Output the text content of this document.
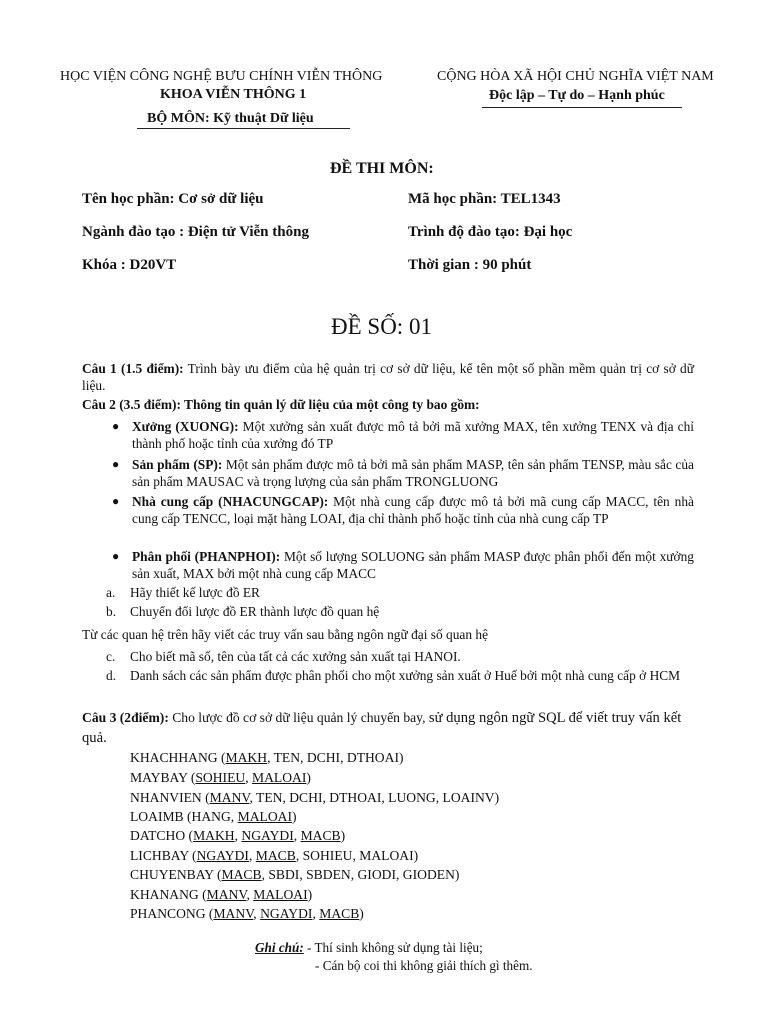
HỌC VIỆN CÔNG NGHỆ BƯU CHÍNH VIỄN THÔNG
KHOA VIỄN THÔNG 1
BỘ MÔN: Kỹ thuật Dữ liệu
CỘNG HÒA XÃ HỘI CHỦ NGHĨA VIỆT NAM
Độc lập – Tự do – Hạnh phúc
ĐỀ THI MÔN:
Tên học phần: Cơ sở dữ liệu	Mã học phần: TEL1343
Ngành đào tạo : Điện tử Viễn thông	Trình độ đào tạo: Đại học
Khóa : D20VT	Thời gian : 90 phút
ĐỀ SỐ: 01
Câu 1 (1.5 điểm): Trình bày ưu điểm của hệ quản trị cơ sở dữ liệu, kể tên một số phần mềm quản trị cơ sở dữ liệu.
Câu 2 (3.5 điểm): Thông tin quản lý dữ liệu của một công ty bao gồm:
● Xưởng (XUONG): Một xưởng sản xuất được mô tả bởi mã xưởng MAX, tên xưởng TENX và địa chỉ thành phố hoặc tỉnh của xưởng đó TP
● Sản phẩm (SP): Một sản phẩm được mô tả bởi mã sản phẩm MASP, tên sản phẩm TENSP, màu sắc của sản phẩm MAUSAC và trọng lượng của sản phẩm TRONGLUONG
● Nhà cung cấp (NHACUNGCAP): Một nhà cung cấp được mô tả bởi mã cung cấp MACC, tên nhà cung cấp TENCC, loại mặt hàng LOAI, địa chỉ thành phố hoặc tỉnh của nhà cung cấp TP
● Phân phối (PHANPHOI): Một số lượng SOLUONG sản phẩm MASP được phân phối đến một xưởng sản xuất, MAX bởi một nhà cung cấp MACC
a. Hãy thiết kế lược đồ ER
b. Chuyển đổi lược đồ ER thành lược đồ quan hệ
Từ các quan hệ trên hãy viết các truy vấn sau bằng ngôn ngữ đại số quan hệ
c. Cho biết mã số, tên của tất cả các xưởng sản xuất tại HANOI.
d. Danh sách các sản phẩm được phân phối cho một xưởng sản xuất ở Huế bởi một nhà cung cấp ở HCM
Câu 3 (2điểm): Cho lược đồ cơ sở dữ liệu quản lý chuyến bay, sử dụng ngôn ngữ SQL để viết truy vấn kết quả.
KHACHHANG (MAKH, TEN, DCHI, DTHOAI)
MAYBAY (SOHIEU, MALOAI)
NHANVIEN (MANV, TEN, DCHI, DTHOAI, LUONG, LOAINV)
LOAIMB (HANG, MALOAI)
DATCHO (MAKH, NGAYDI, MACB)
LICHBAY (NGAYDI, MACB, SOHIEU, MALOAI)
CHUYENBAY (MACB, SBDI, SBDEN, GIODI, GIODEN)
KHANANG (MANV, MALOAI)
PHANCONG (MANV, NGAYDI, MACB)
Ghi chú: - Thí sinh không sử dụng tài liệu;
- Cán bộ coi thi không giải thích gì thêm.
